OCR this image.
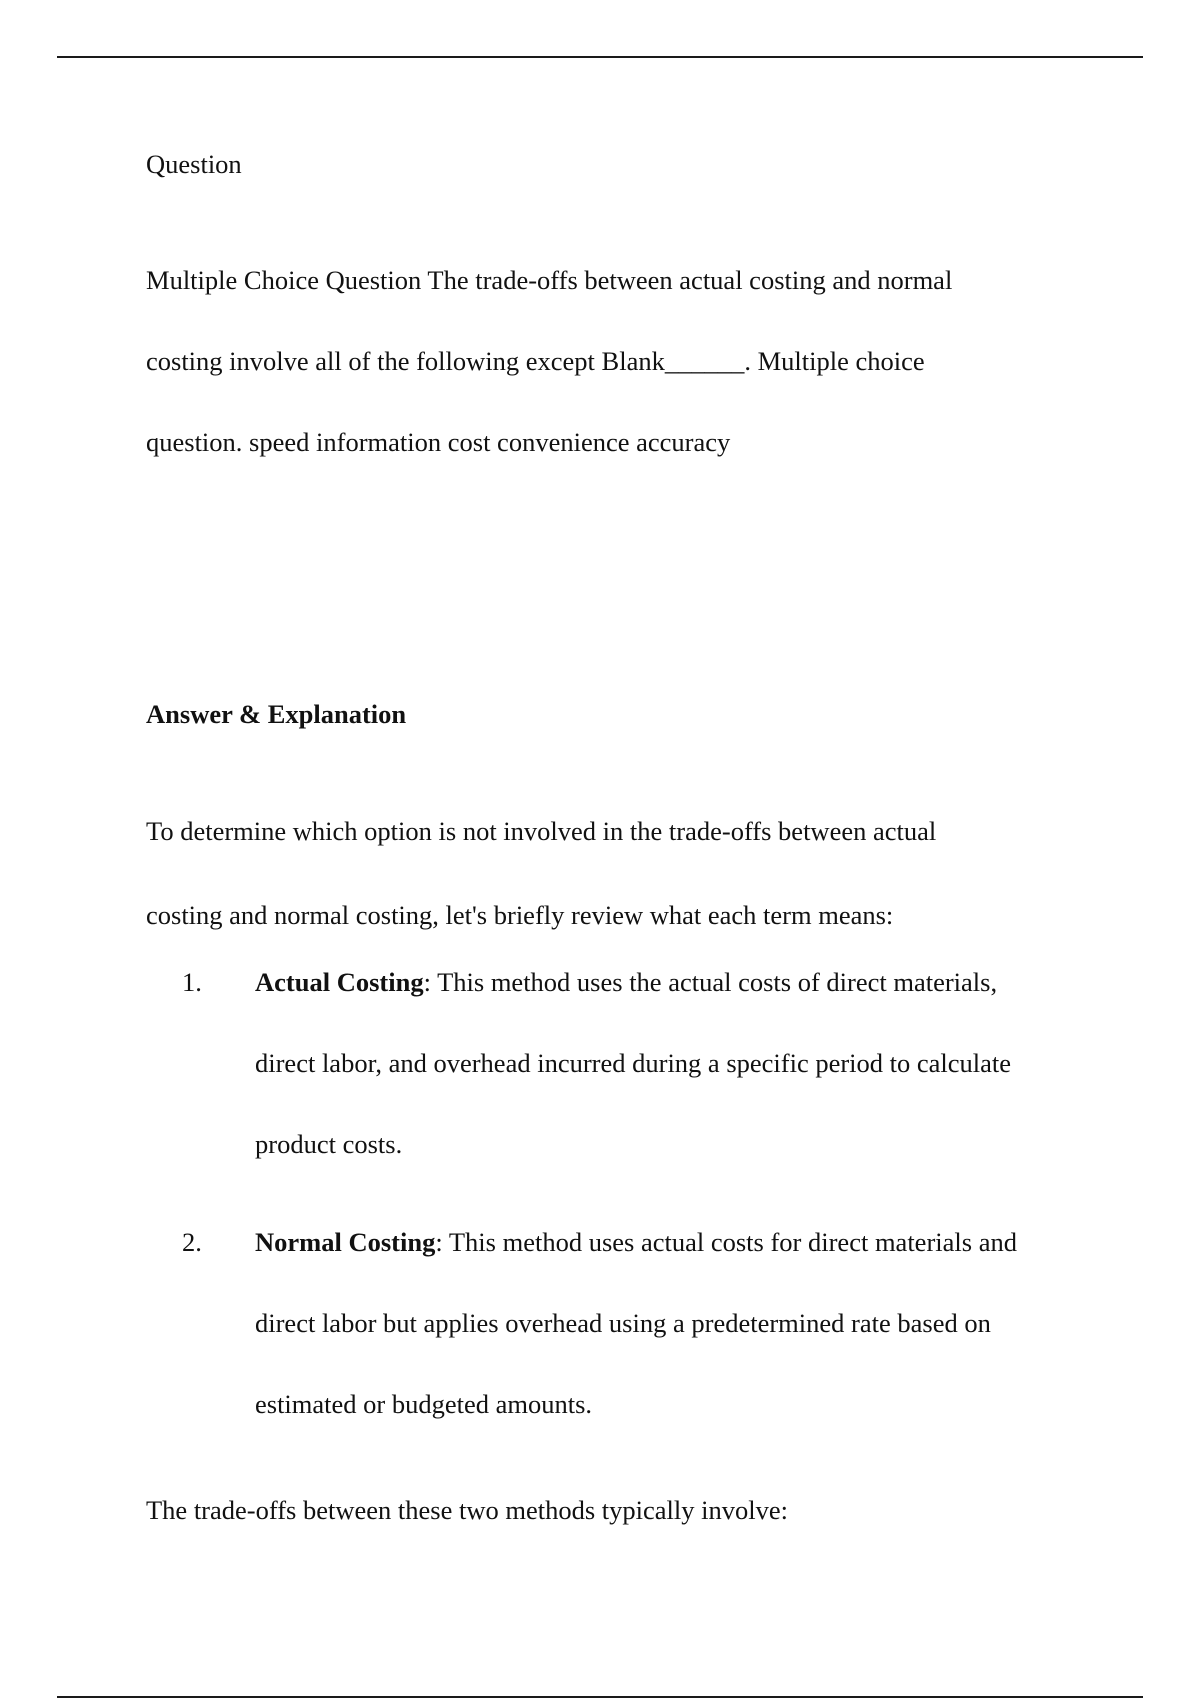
Question

Multiple Choice Question The trade-offs between actual costing and normal
costing involve all of the following except Blank______. Multiple choice
question. speed information cost convenience accuracy

Answer & Explanation

To determine which option is not involved in the trade-offs between actual
costing and normal costing, let's briefly review what each term means:

1. Actual Costing: This method uses the actual costs of direct materials,
direct labor, and overhead incurred during a specific period to calculate
product costs.

2. Normal Costing: This method uses actual costs for direct materials and
direct labor but applies overhead using a predetermined rate based on
estimated or budgeted amounts.

The trade-offs between these two methods typically involve:
